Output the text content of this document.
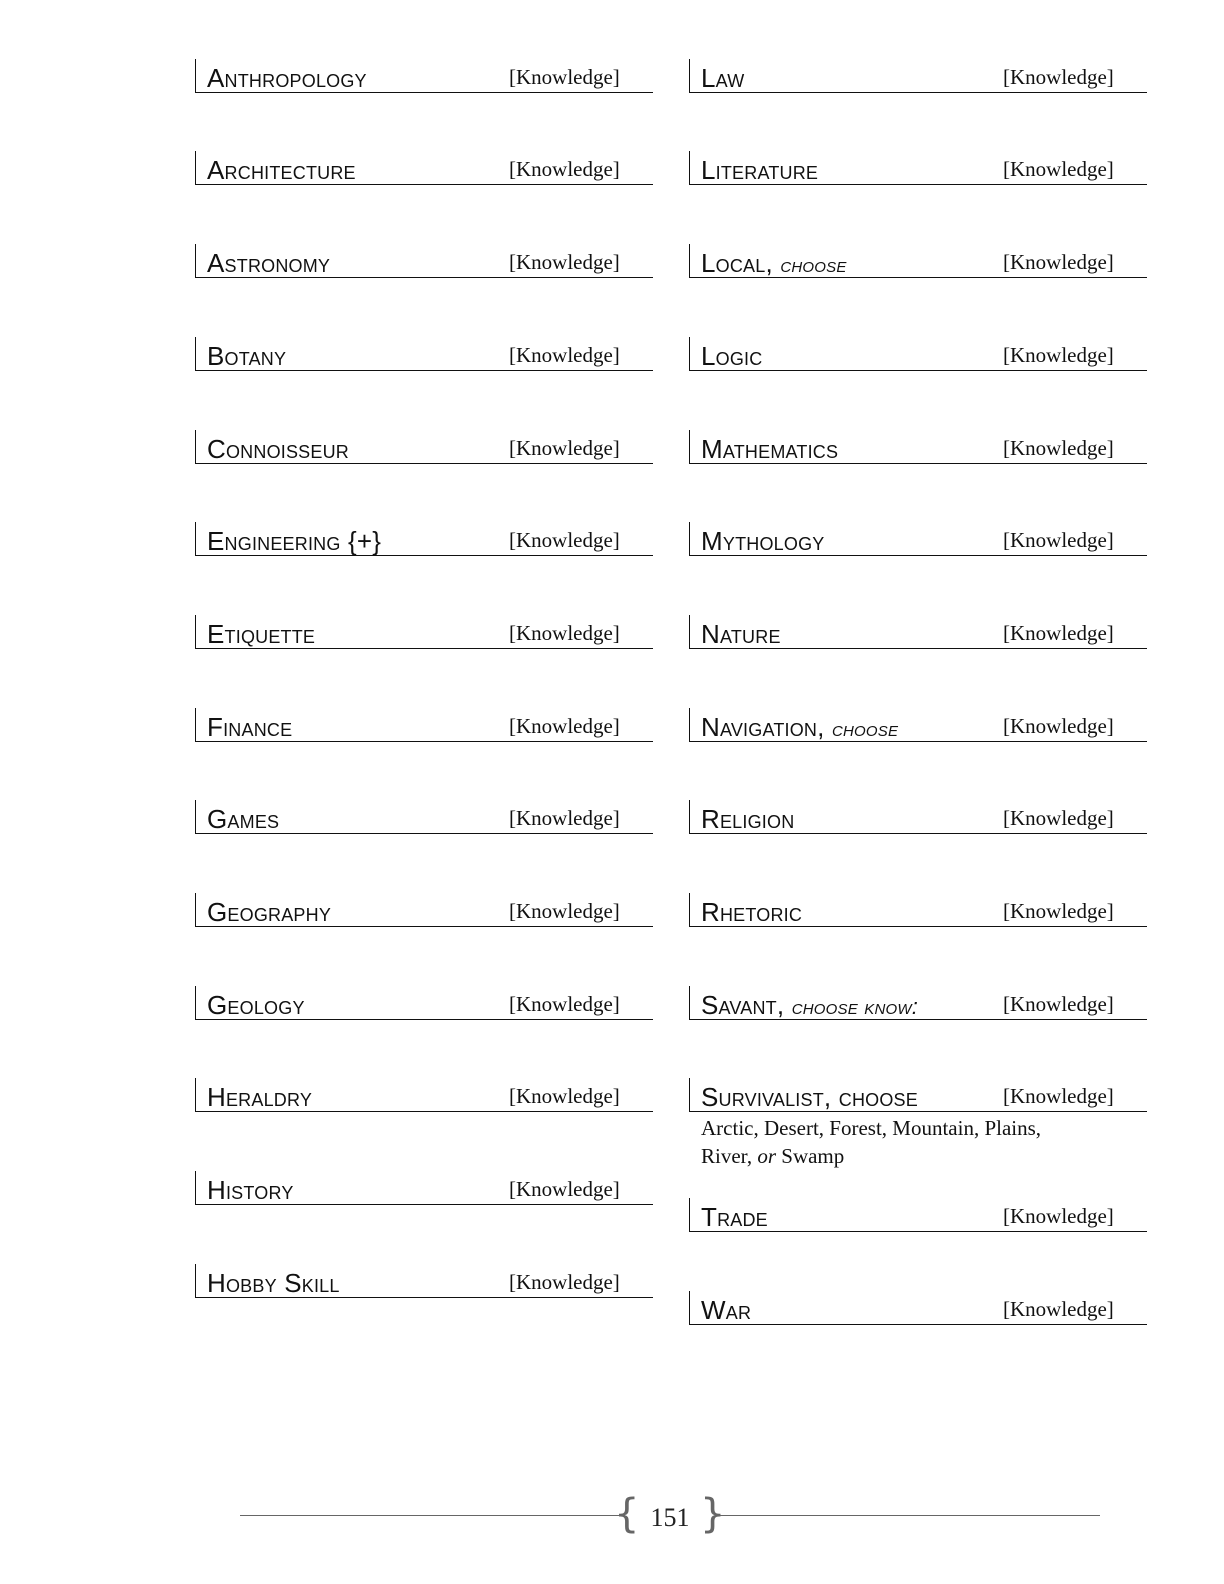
Anthropology	[Knowledge]
Architecture	[Knowledge]
Astronomy	[Knowledge]
Botany	[Knowledge]
Connoisseur	[Knowledge]
Engineering {+}	[Knowledge]
Etiquette	[Knowledge]
Finance	[Knowledge]
Games	[Knowledge]
Geography	[Knowledge]
Geology	[Knowledge]
Heraldry	[Knowledge]
History	[Knowledge]
Hobby Skill	[Knowledge]
Law	[Knowledge]
Literature	[Knowledge]
Local, choose	[Knowledge]
Logic	[Knowledge]
Mathematics	[Knowledge]
Mythology	[Knowledge]
Nature	[Knowledge]
Navigation, choose	[Knowledge]
Religion	[Knowledge]
Rhetoric	[Knowledge]
Savant, choose know:	[Knowledge]
Survivalist, choose	[Knowledge]
Arctic, Desert, Forest, Mountain, Plains,
River, or Swamp
Trade	[Knowledge]
War	[Knowledge]
{ }
151
